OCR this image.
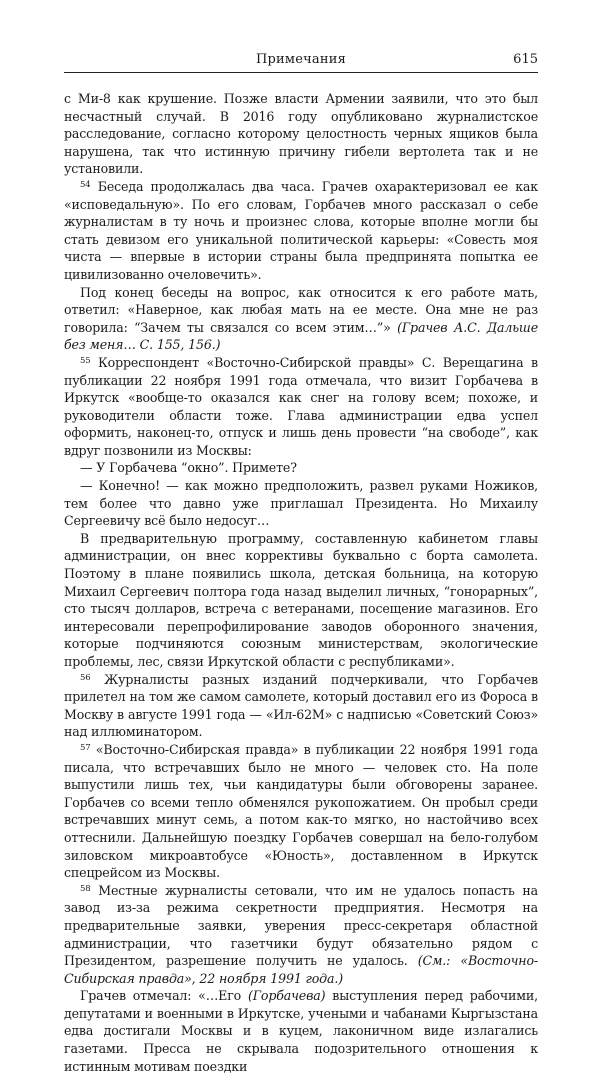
Примечания	615

с Ми-8 как крушение. Позже власти Армении заявили, что это был несчастный случай. В 2016 году опубликовано журналистское расследование, согласно которому целостность черных ящиков была нарушена, так что истинную причину гибели вертолета так и не установили.

$^{54}$ Беседа продолжалась два часа. Грачев охарактеризовал ее как «исповедальную». По его словам, Горбачев много рассказал о себе журналистам в ту ночь и произнес слова, которые вполне могли бы стать девизом его уникальной политической карьеры: «Совесть моя чиста — впервые в истории страны была предпринята попытка ее цивилизованно очеловечить».

Под конец беседы на вопрос, как относится к его работе мать, ответил: «Наверное, как любая мать на ее месте. Она мне не раз говорила: “Зачем ты связался со всем этим…”» (Грачев А.С. Дальше без меня… С. 155, 156.)

$^{55}$ Корреспондент «Восточно-Сибирской правды» С. Верещагина в публикации 22 ноября 1991 года отмечала, что визит Горбачева в Иркутск «вообще-то оказался как снег на голову всем; похоже, и руководители области тоже. Глава администрации едва успел оформить, наконец-то, отпуск и лишь день провести “на свободе”, как вдруг позвонили из Москвы:

— У Горбачева “окно”. Примете?

— Конечно! — как можно предположить, развел руками Ножиков, тем более что давно уже приглашал Президента. Но Михаилу Сергеевичу всё было недосуг…

В предварительную программу, составленную кабинетом главы администрации, он внес коррективы буквально с борта самолета. Поэтому в плане появились школа, детская больница, на которую Михаил Сергеевич полтора года назад выделил личных, “гонорарных”, сто тысяч долларов, встреча с ветеранами, посещение магазинов. Его интересовали перепрофилирование заводов оборонного значения, которые подчиняются союзным министерствам, экологические проблемы, лес, связи Иркутской области с республиками».

$^{56}$ Журналисты разных изданий подчеркивали, что Горбачев прилетел на том же самом самолете, который доставил его из Фороса в Москву в августе 1991 года — «Ил-62М» с надписью «Советский Союз» над иллюминатором.

$^{57}$ «Восточно-Сибирская правда» в публикации 22 ноября 1991 года писала, что встречавших было не много — человек сто. На поле выпустили лишь тех, чьи кандидатуры были обговорены заранее. Горбачев со всеми тепло обменялся рукопожатием. Он пробыл среди встречавших минут семь, а потом как-то мягко, но настойчиво всех оттеснили. Дальнейшую поездку Горбачев совершал на бело-голубом зиловском микроавтобусе «Юность», доставленном в Иркутск спецрейсом из Москвы.

$^{58}$ Местные журналисты сетовали, что им не удалось попасть на завод из-за режима секретности предприятия. Несмотря на предварительные заявки, уверения пресс-секретаря областной администрации, что газетчики будут обязательно рядом с Президентом, разрешение получить не удалось. (См.: «Восточно-Сибирская правда», 22 ноября 1991 года.)

Грачев отмечал: «…Его (Горбачева) выступления перед рабочими, депутатами и военными в Иркутске, учеными и чабанами Кыргызстана едва достигали Москвы и в куцем, лаконичном виде излагались газетами. Пресса не скрывала подозрительного отношения к истинным мотивам поездки
